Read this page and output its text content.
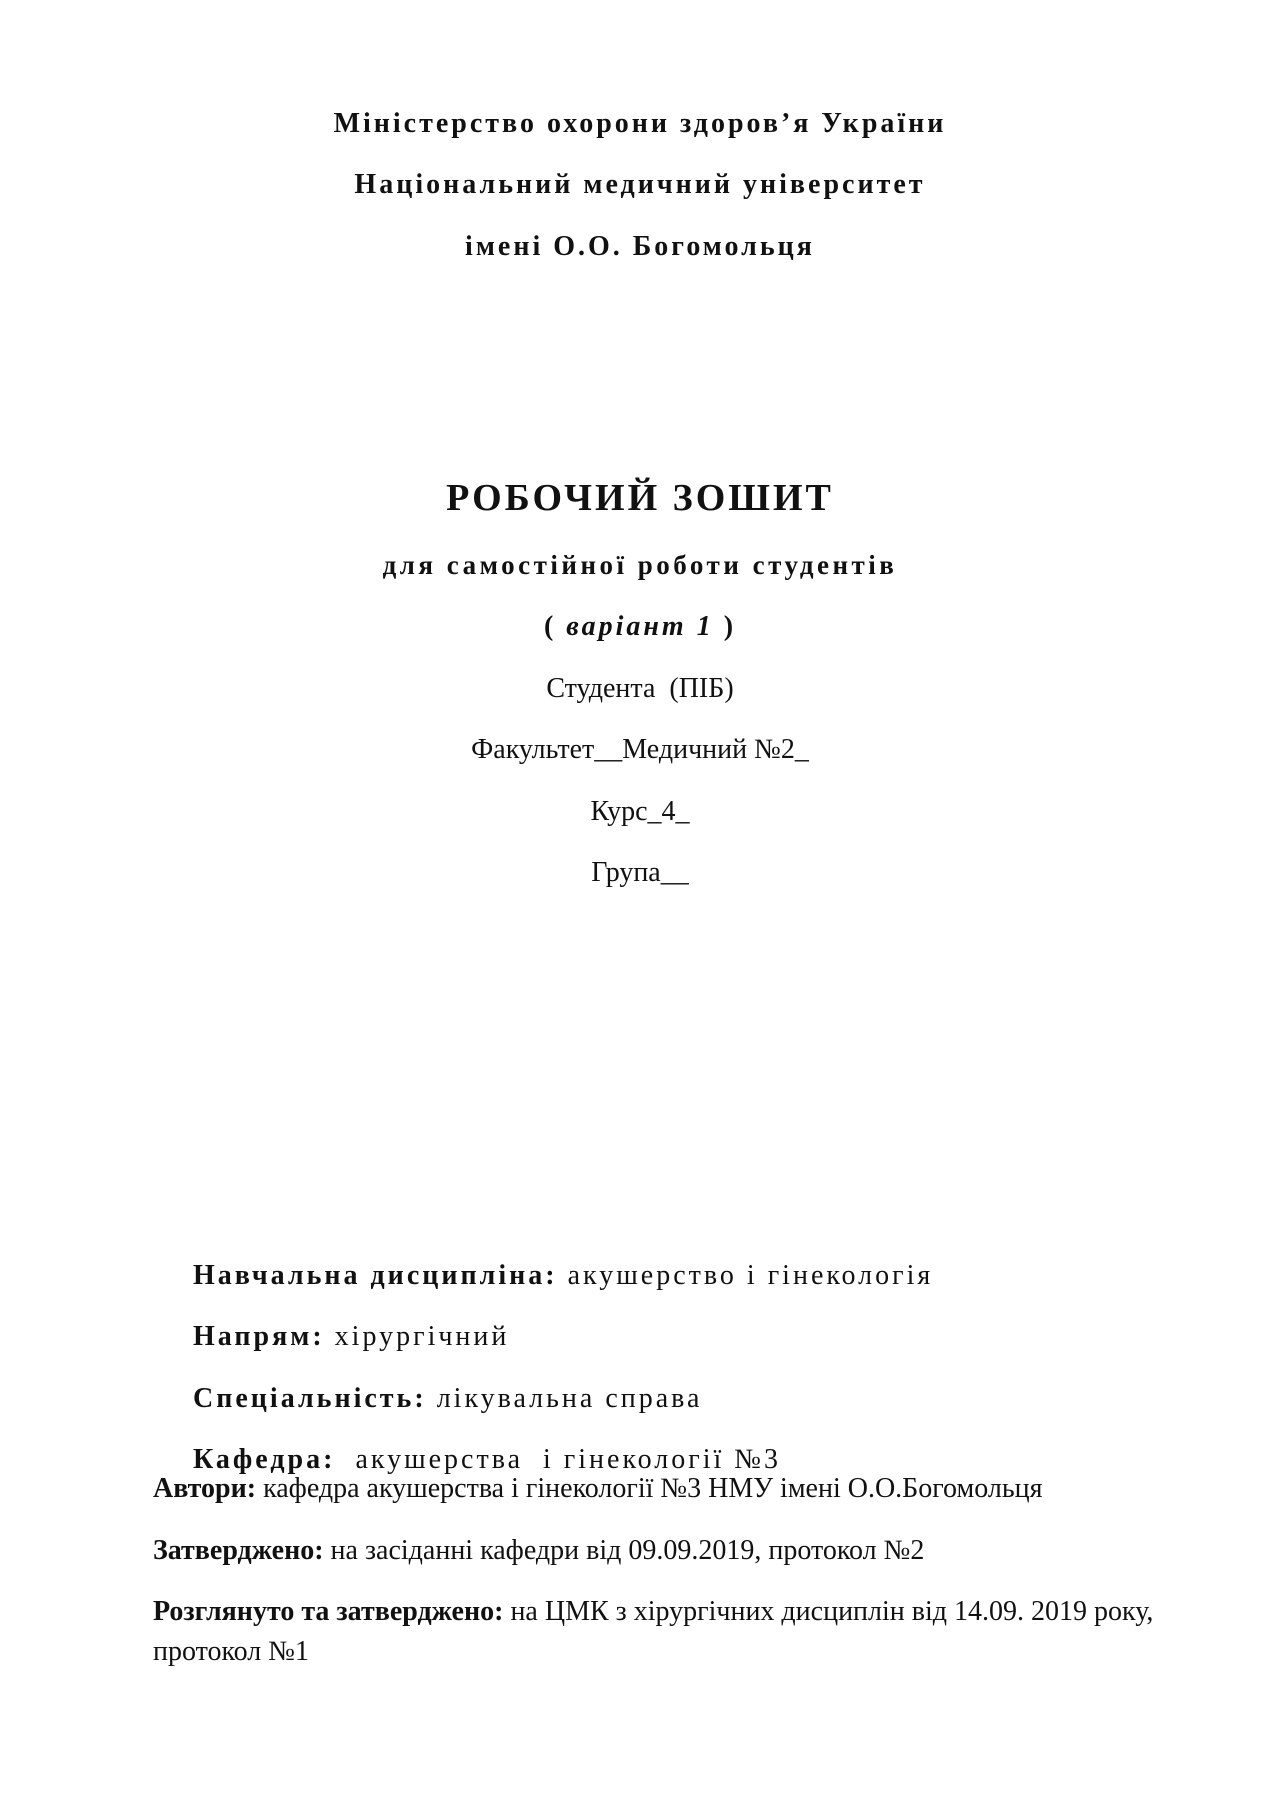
Міністерство охорони здоров’я України
Національний медичний університет
імені О.О. Богомольця
РОБОЧИЙ ЗОШИТ
для самостійної роботи студентів
( варіант 1 )
Студента  (ПІБ)
Факультет__Медичний №2_
Курс_4_
Група__

Навчальна дисципліна: акушерство і гінекологія

Напрям: хірургічний

Спеціальність: лікувальна справа

Кафедра:  акушерства  і гінекології №3

Автори: кафедра акушерства і гінекології №3 НМУ імені О.О.Богомольця
Затверджено: на засіданні кафедри від 09.09.2019, протокол №2
Розглянуто та затверджено: на ЦМК з хірургічних дисциплін від 14.09. 2019 року, протокол №1
